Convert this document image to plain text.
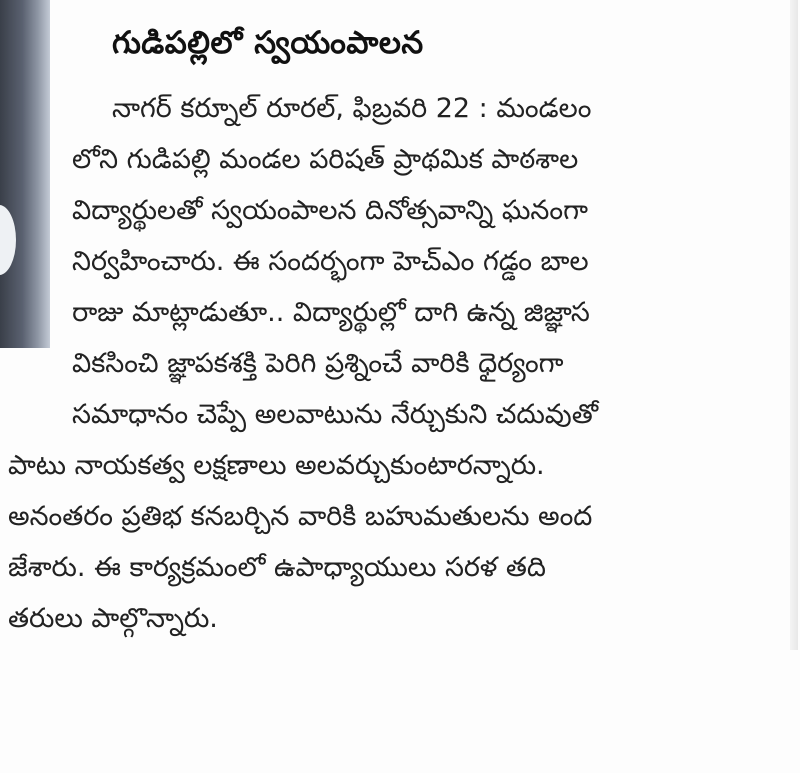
గుడిపల్లిలో స్వయంపాలన

నాగర్ కర్నూల్ రూరల్, ఫిబ్రవరి 22 : మండలం

లోని గుడిపల్లి మండల పరిషత్ ప్రాథమిక పాఠశాల

విద్యార్థులతో స్వయంపాలన దినోత్సవాన్ని ఘనంగా

నిర్వహించారు. ఈ సందర్భంగా హెచ్‌ఎం గడ్డం బాల

రాజు మాట్లాడుతూ.. విద్యార్థుల్లో దాగి ఉన్న జిజ్ఞాస

వికసించి జ్ఞాపకశక్తి పెరిగి ప్రశ్నించే వారికి ధైర్యంగా

సమాధానం చెప్పే అలవాటును నేర్చుకుని చదువుతో

పాటు నాయకత్వ లక్షణాలు అలవర్చుకుంటారన్నారు.

అనంతరం ప్రతిభ కనబర్చిన వారికి బహుమతులను అంద

జేశారు. ఈ కార్యక్రమంలో ఉపాధ్యాయులు సరళ తది

తరులు పాల్గొన్నారు.
